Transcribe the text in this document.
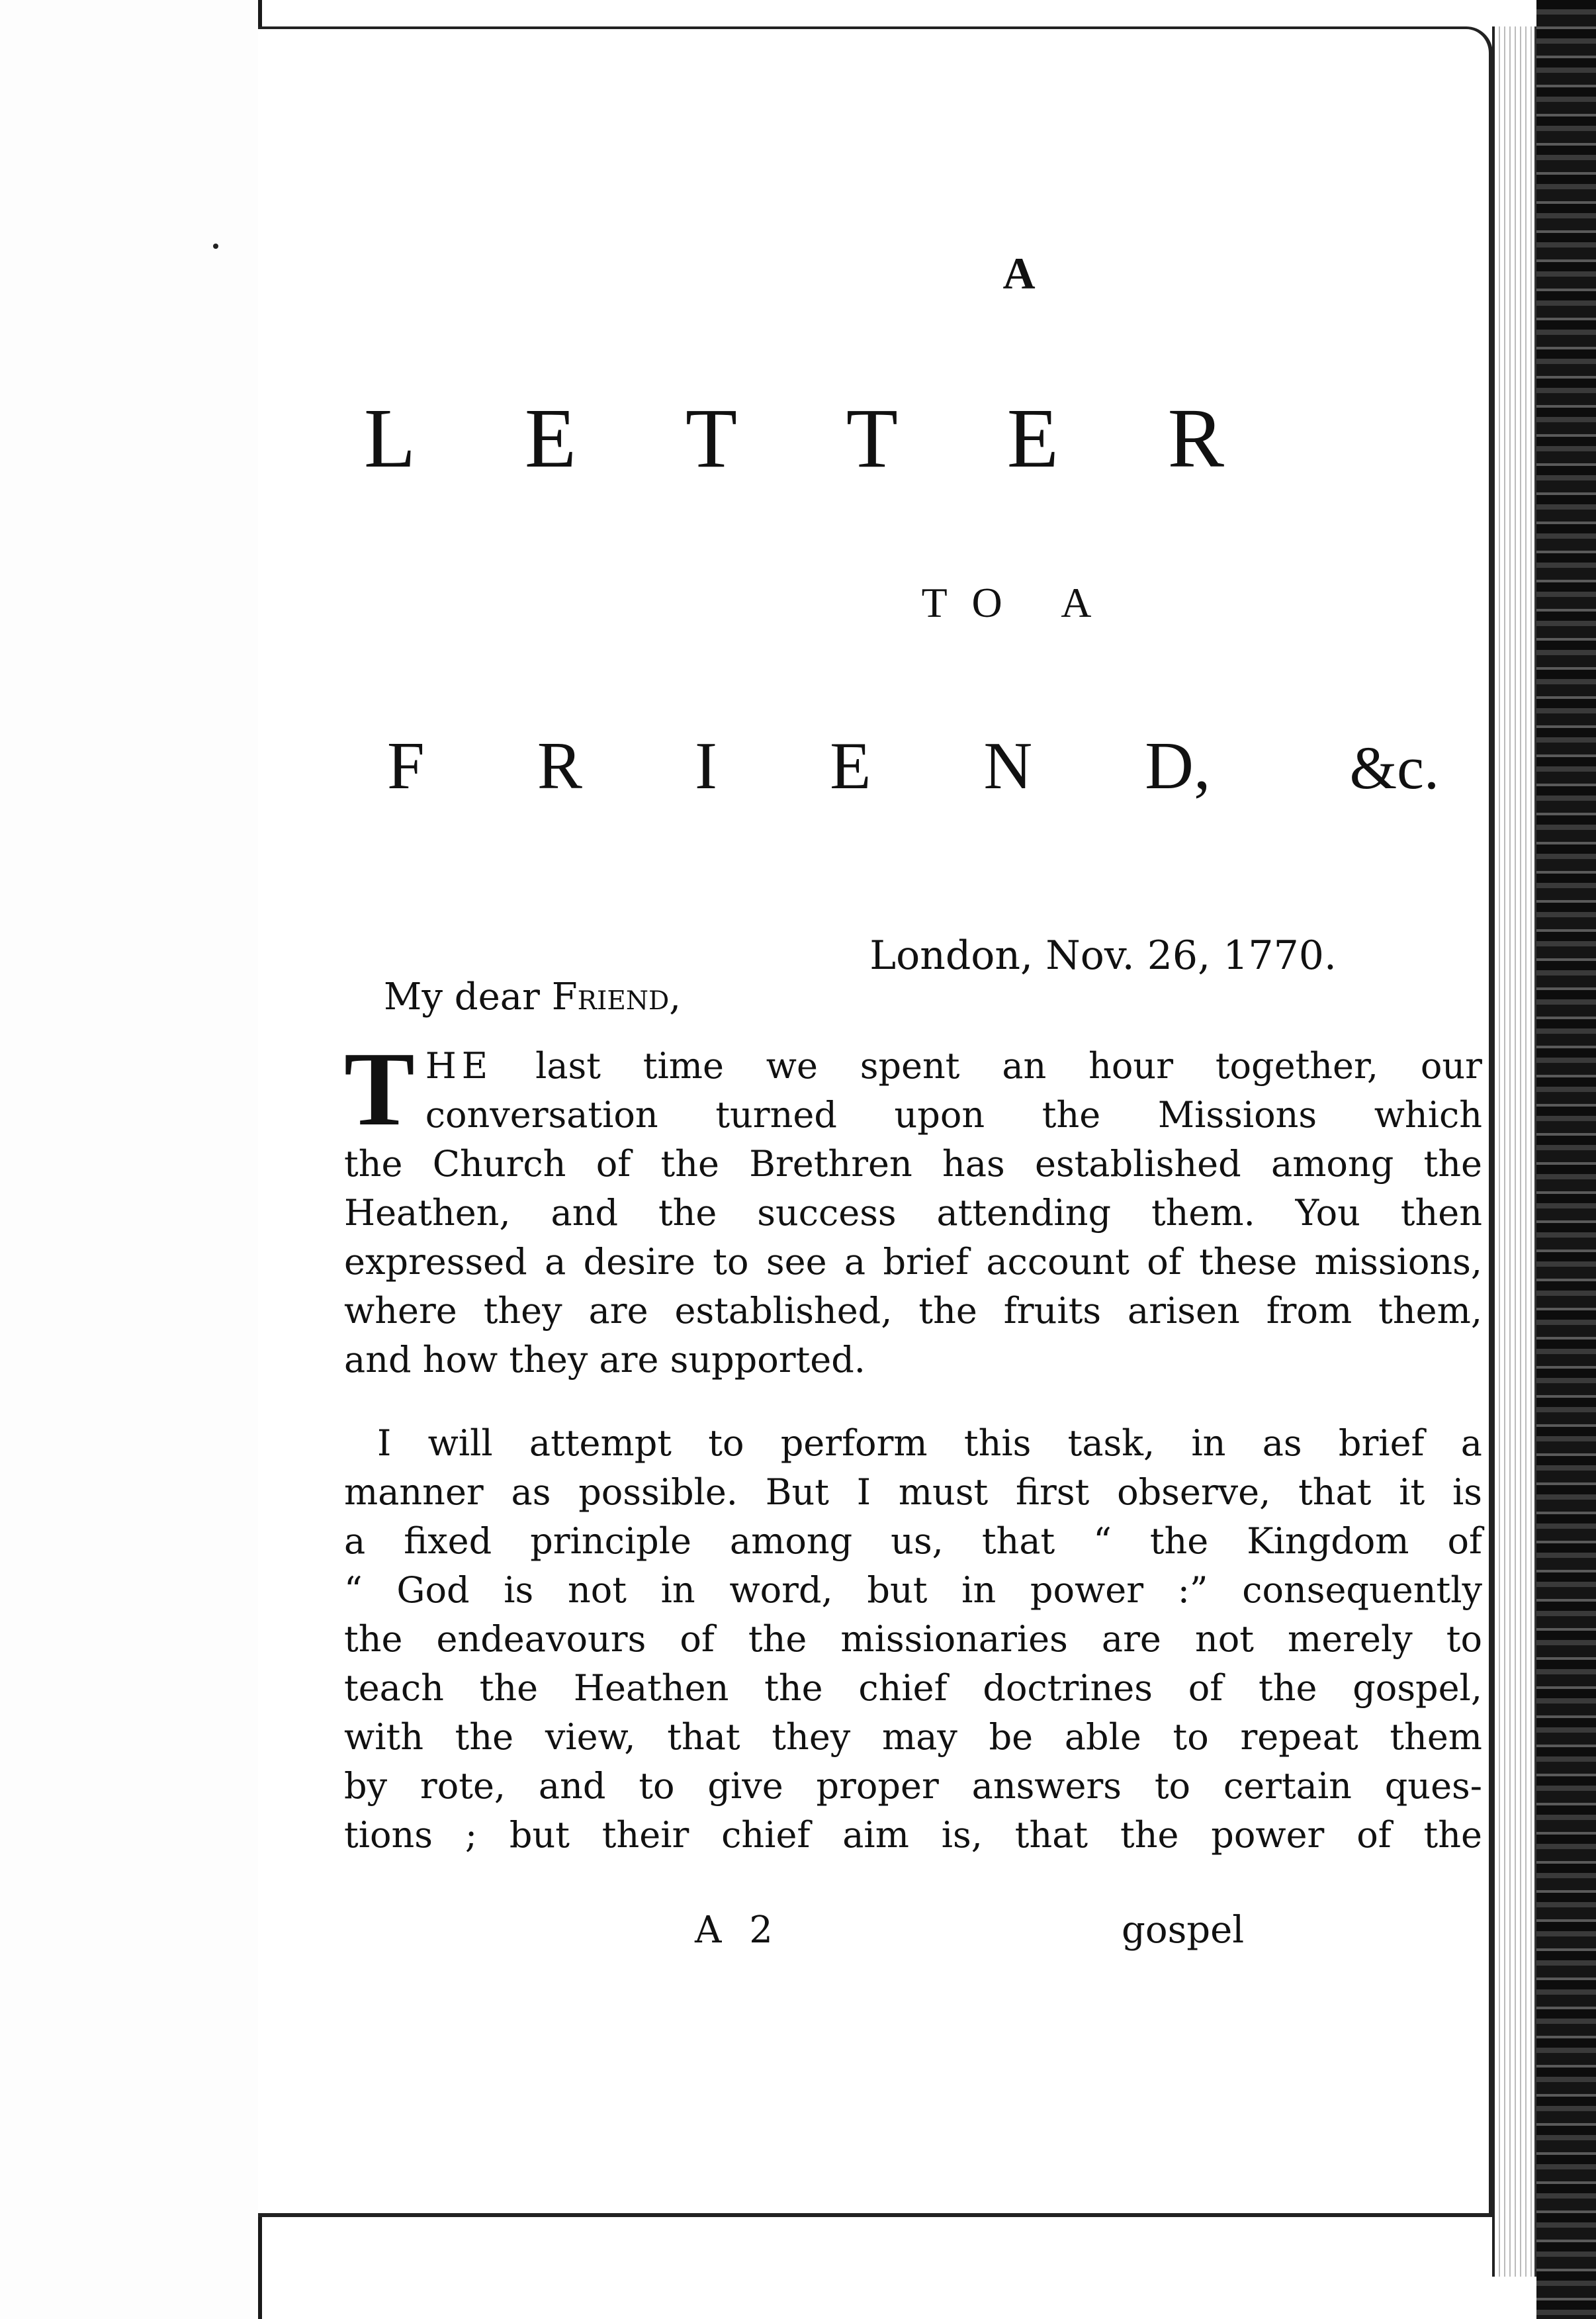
A
L E T T E R
TO A
F R I E N D, &c.
London, Nov. 26, 1770.
My dear Friend,
T HE last time we spent an hour together, our
conversation turned upon the Missions which
the Church of the Brethren has established among the
Heathen, and the success attending them. You then
expressed a desire to see a brief account of these missions,
where they are established, the fruits arisen from them,
and how they are supported.
I will attempt to perform this task, in as brief a
manner as possible. But I must first observe, that it is
a fixed principle among us, that “ the Kingdom of
“ God is not in word, but in power :” consequently
the endeavours of the missionaries are not merely to
teach the Heathen the chief doctrines of the gospel,
with the view, that they may be able to repeat them
by rote, and to give proper answers to certain ques-
tions ; but their chief aim is, that the power of the
A 2	gospel
